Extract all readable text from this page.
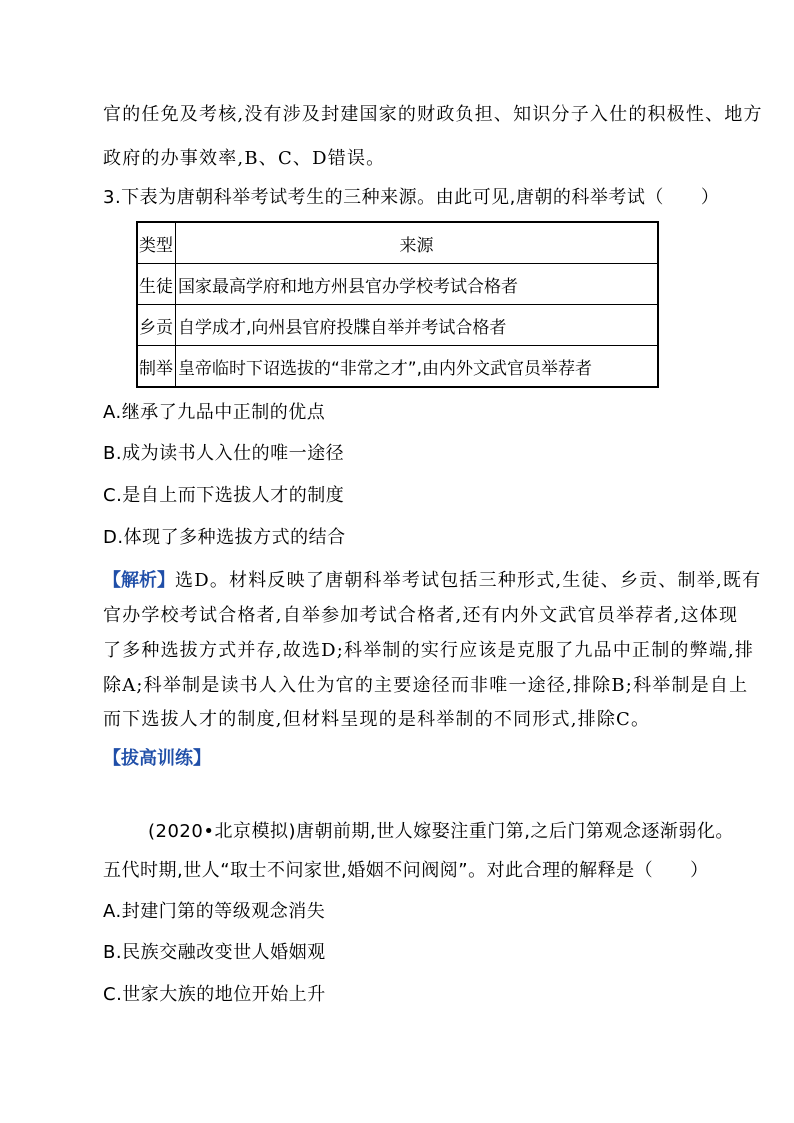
官的任免及考核,没有涉及封建国家的财政负担、知识分子入仕的积极性、地方
政府的办事效率,B、C、D错误。
3.下表为唐朝科举考试考生的三种来源。由此可见,唐朝的科举考试（　　）
类型	来源
生徒	国家最高学府和地方州县官办学校考试合格者
乡贡	自学成才,向州县官府投牒自举并考试合格者
制举	皇帝临时下诏选拔的“非常之才”,由内外文武官员举荐者
A.继承了九品中正制的优点
B.成为读书人入仕的唯一途径
C.是自上而下选拔人才的制度
D.体现了多种选拔方式的结合
【解析】选D。材料反映了唐朝科举考试包括三种形式,生徒、乡贡、制举,既有
官办学校考试合格者,自举参加考试合格者,还有内外文武官员举荐者,这体现
了多种选拔方式并存,故选D;科举制的实行应该是克服了九品中正制的弊端,排
除A;科举制是读书人入仕为官的主要途径而非唯一途径,排除B;科举制是自上
而下选拔人才的制度,但材料呈现的是科举制的不同形式,排除C。
【拔高训练】
(2020•北京模拟)唐朝前期,世人嫁娶注重门第,之后门第观念逐渐弱化。
五代时期,世人“取士不问家世,婚姻不问阀阅”。对此合理的解释是（　　）
A.封建门第的等级观念消失
B.民族交融改变世人婚姻观
C.世家大族的地位开始上升
